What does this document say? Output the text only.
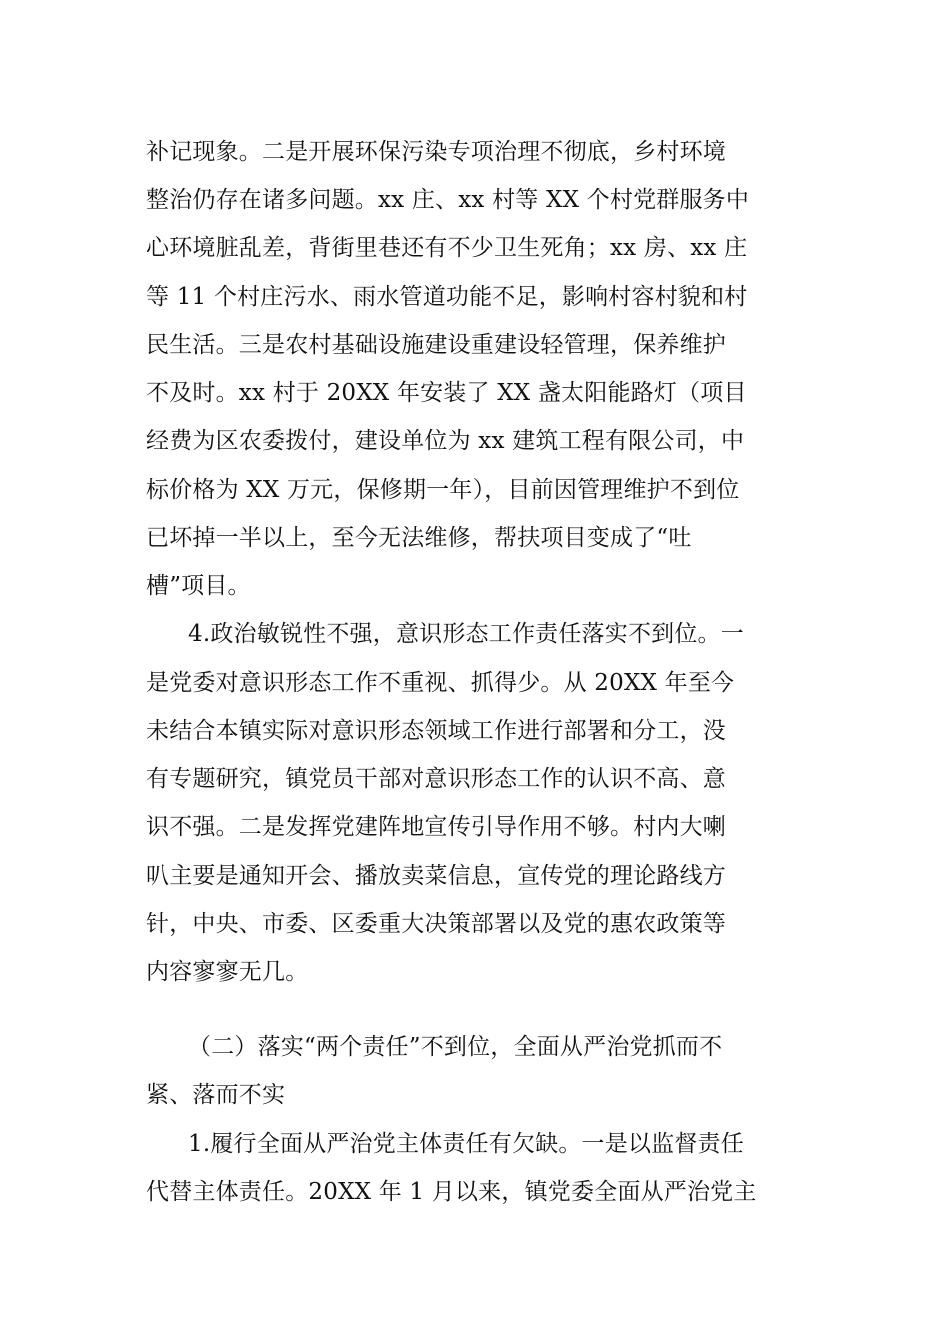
补记现象。二是开展环保污染专项治理不彻底，乡村环境
整治仍存在诸多问题。xx 庄、xx 村等 XX 个村党群服务中
心环境脏乱差，背街里巷还有不少卫生死角；xx 房、xx 庄
等 11 个村庄污水、雨水管道功能不足，影响村容村貌和村
民生活。三是农村基础设施建设重建设轻管理，保养维护
不及时。xx 村于 20XX 年安装了 XX 盏太阳能路灯（项目
经费为区农委拨付，建设单位为 xx 建筑工程有限公司，中
标价格为 XX 万元，保修期一年），目前因管理维护不到位
已坏掉一半以上，至今无法维修，帮扶项目变成了“吐
槽”项目。
4.政治敏锐性不强，意识形态工作责任落实不到位。一
是党委对意识形态工作不重视、抓得少。从 20XX 年至今
未结合本镇实际对意识形态领域工作进行部署和分工，没
有专题研究，镇党员干部对意识形态工作的认识不高、意
识不强。二是发挥党建阵地宣传引导作用不够。村内大喇
叭主要是通知开会、播放卖菜信息，宣传党的理论路线方
针，中央、市委、区委重大决策部署以及党的惠农政策等
内容寥寥无几。
（二）落实“两个责任”不到位，全面从严治党抓而不
紧、落而不实
1.履行全面从严治党主体责任有欠缺。一是以监督责任
代替主体责任。20XX 年 1 月以来，镇党委全面从严治党主
